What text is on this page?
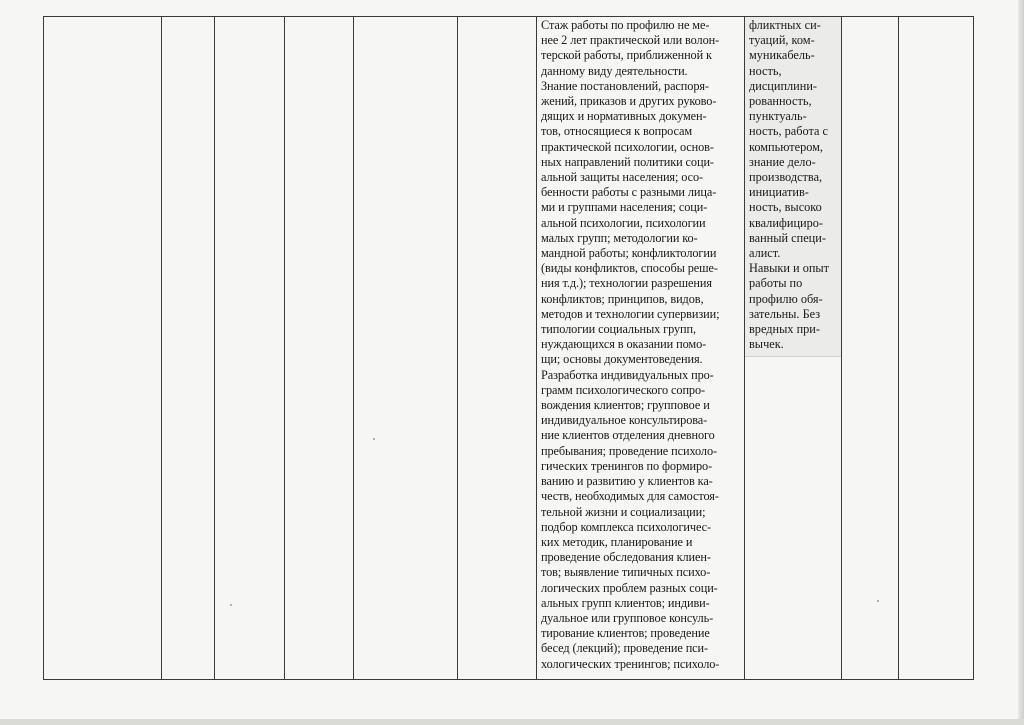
Стаж работы по профилю не ме-
нее 2 лет практической или волон-
терской работы, приближенной к
данному виду деятельности.
Знание постановлений, распоря-
жений, приказов и других руково-
дящих и нормативных докумен-
тов, относящиеся к вопросам
практической психологии, основ-
ных направлений политики соци-
альной защиты населения; осо-
бенности работы с разными лица-
ми и группами населения; соци-
альной психологии, психологии
малых групп; методологии ко-
мандной работы; конфликтологии
(виды конфликтов, способы реше-
ния т.д.); технологии разрешения
конфликтов; принципов, видов,
методов и технологии супервизии;
типологии социальных групп,
нуждающихся в оказании помо-
щи; основы документоведения.
Разработка индивидуальных про-
грамм психологического сопро-
вождения клиентов; групповое и
индивидуальное консультирова-
ние клиентов отделения дневного
пребывания; проведение психоло-
гических тренингов по формиро-
ванию и развитию у клиентов ка-
честв, необходимых для самостоя-
тельной жизни и социализации;
подбор комплекса психологичес-
ких методик, планирование и
проведение обследования клиен-
тов; выявление типичных психо-
логических проблем разных соци-
альных групп клиентов; индиви-
дуальное или групповое консуль-
тирование клиентов; проведение
бесед (лекций); проведение пси-
хологических тренингов; психоло-

фликтных си-
туаций, ком-
муникабель-
ность,
дисциплини-
рованность,
пунктуаль-
ность, работа с
компьютером,
знание дело-
производства,
инициатив-
ность, высоко
квалифициро-
ванный специ-
алист.
Навыки и опыт
работы по
профилю обя-
зательны. Без
вредных при-
вычек.
